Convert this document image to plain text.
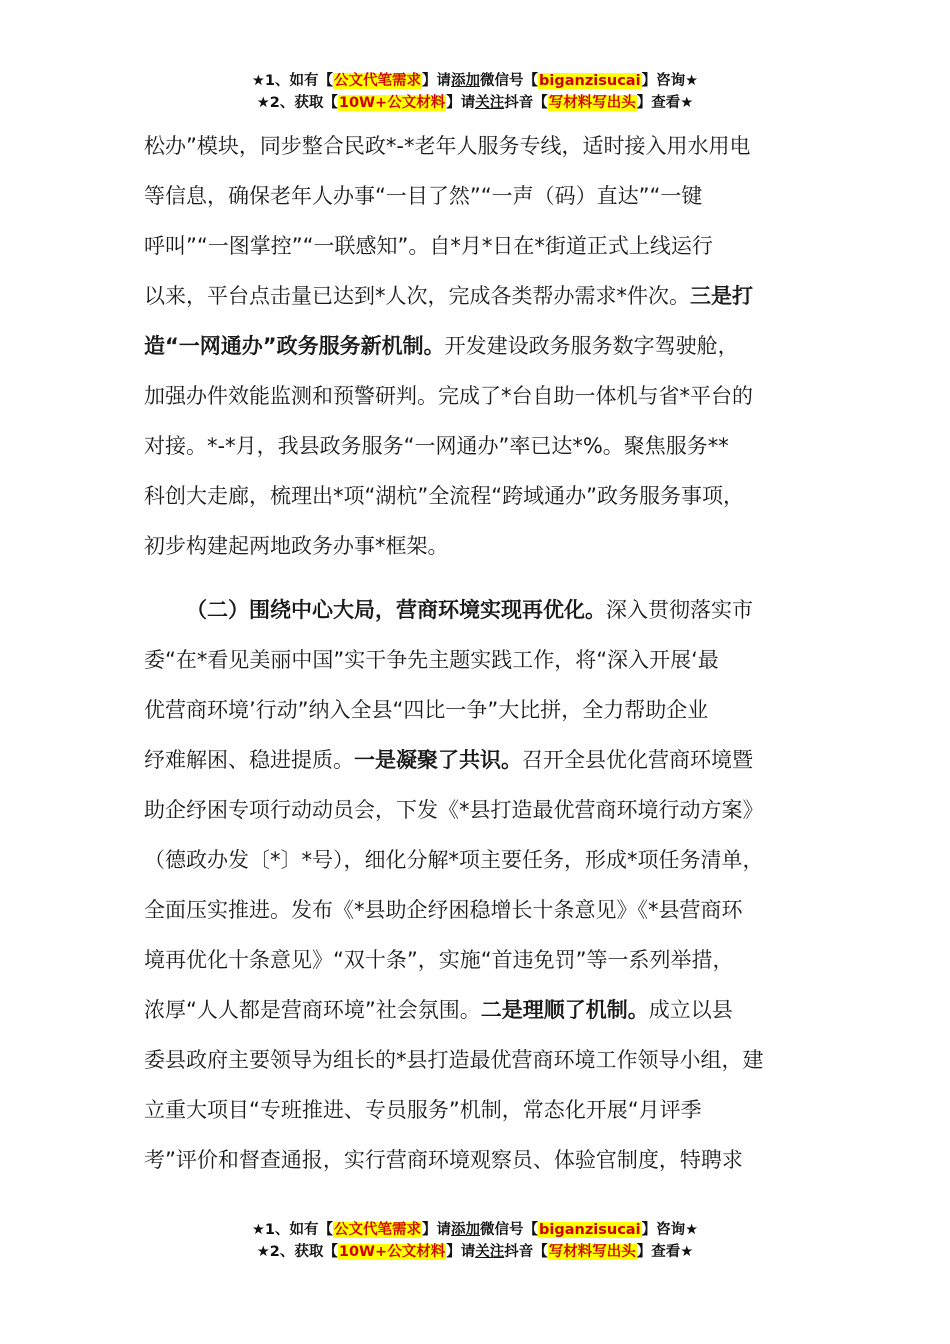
★1、如有【公文代笔需求】请添加微信号【biganzisucai】咨询★
★2、获取【10W+公文材料】请关注抖音【写材料写出头】查看★
松办”模块，同步整合民政*-*老年人服务专线，适时接入用水用电
等信息，确保老年人办事“一目了然”“一声（码）直达”“一键
呼叫”“一图掌控”“一联感知”。自*月*日在*街道正式上线运行
以来，平台点击量已达到*人次，完成各类帮办需求*件次。三是打
造“一网通办”政务服务新机制。开发建设政务服务数字驾驶舱，
加强办件效能监测和预警研判。完成了*台自助一体机与省*平台的
对接。*-*月，我县政务服务“一网通办”率已达*%。聚焦服务**
科创大走廊，梳理出*项“湖杭”全流程“跨域通办”政务服务事项，
初步构建起两地政务办事*框架。
（二）围绕中心大局，营商环境实现再优化。深入贯彻落实市
委“在*看见美丽中国”实干争先主题实践工作，将“深入开展‘最
优营商环境’行动”纳入全县“四比一争”大比拼，全力帮助企业
纾难解困、稳进提质。一是凝聚了共识。召开全县优化营商环境暨
助企纾困专项行动动员会，下发《*县打造最优营商环境行动方案》
（德政办发〔*〕*号），细化分解*项主要任务，形成*项任务清单，
全面压实推进。发布《*县助企纾困稳增长十条意见》《*县营商环
境再优化十条意见》“双十条”，实施“首违免罚”等一系列举措，
浓厚“人人都是营商环境”社会氛围。二是理顺了机制。成立以县
委县政府主要领导为组长的*县打造最优营商环境工作领导小组，建
立重大项目“专班推进、专员服务”机制，常态化开展“月评季
考”评价和督查通报，实行营商环境观察员、体验官制度，特聘求
★1、如有【公文代笔需求】请添加微信号【biganzisucai】咨询★
★2、获取【10W+公文材料】请关注抖音【写材料写出头】查看★
